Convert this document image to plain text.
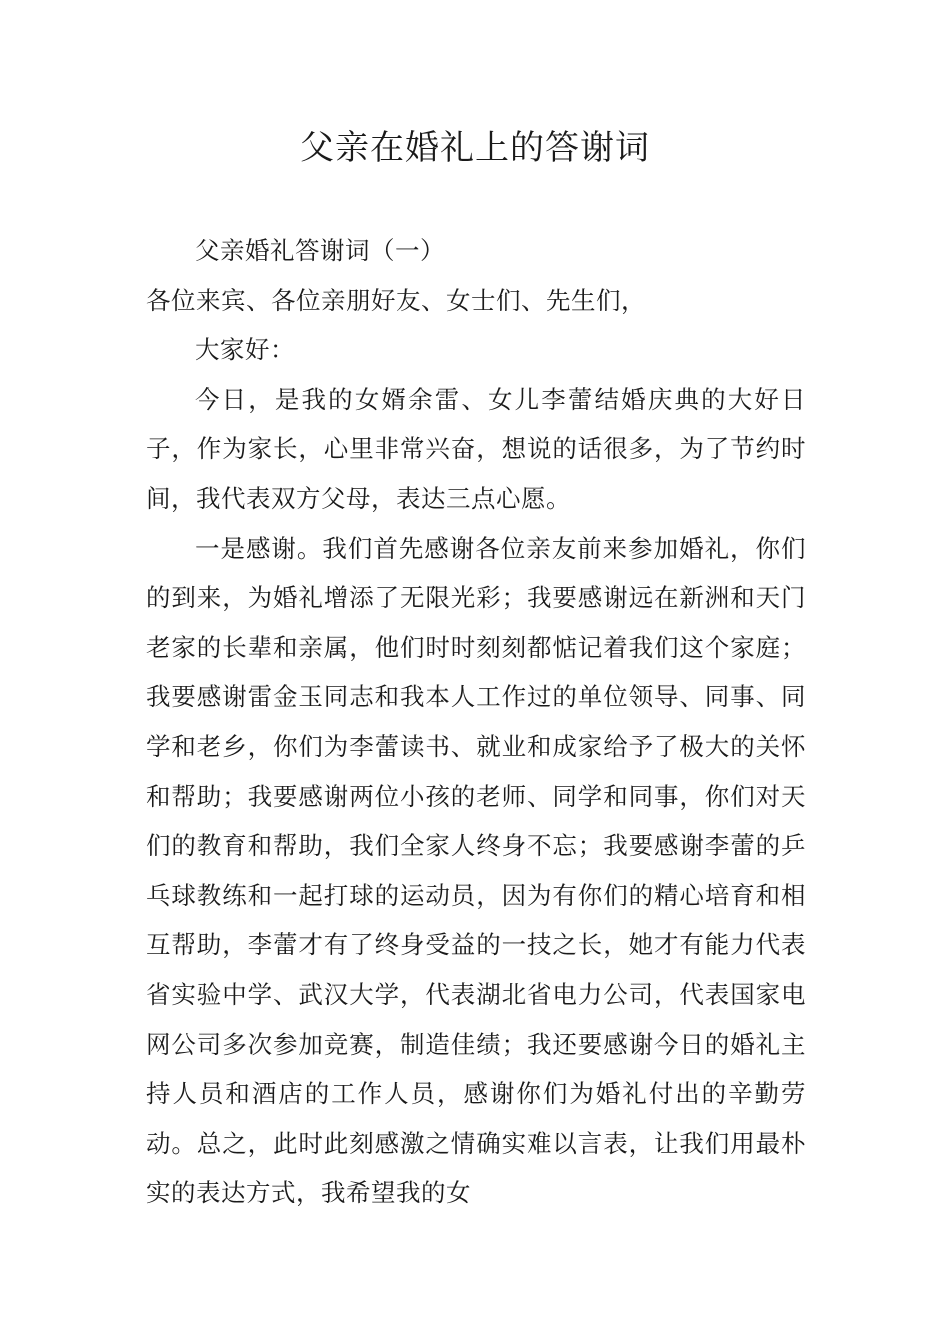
父亲在婚礼上的答谢词

父亲婚礼答谢词（一）

各位来宾、各位亲朋好友、女士们、先生们，

大家好：

今日，是我的女婿余雷、女儿李蕾结婚庆典的大好日子，作为家长，心里非常兴奋，想说的话很多，为了节约时间，我代表双方父母，表达三点心愿。

一是感谢。我们首先感谢各位亲友前来参加婚礼，你们的到来，为婚礼增添了无限光彩；我要感谢远在新洲和天门老家的长辈和亲属，他们时时刻刻都惦记着我们这个家庭；我要感谢雷金玉同志和我本人工作过的单位领导、同事、同学和老乡，你们为李蕾读书、就业和成家给予了极大的关怀和帮助；我要感谢两位小孩的老师、同学和同事，你们对天们的教育和帮助，我们全家人终身不忘；我要感谢李蕾的乒乓球教练和一起打球的运动员，因为有你们的精心培育和相互帮助，李蕾才有了终身受益的一技之长，她才有能力代表省实验中学、武汉大学，代表湖北省电力公司，代表国家电网公司多次参加竞赛，制造佳绩；我还要感谢今日的婚礼主持人员和酒店的工作人员，感谢你们为婚礼付出的辛勤劳动。总之，此时此刻感激之情确实难以言表，让我们用最朴实的表达方式，我希望我的女
